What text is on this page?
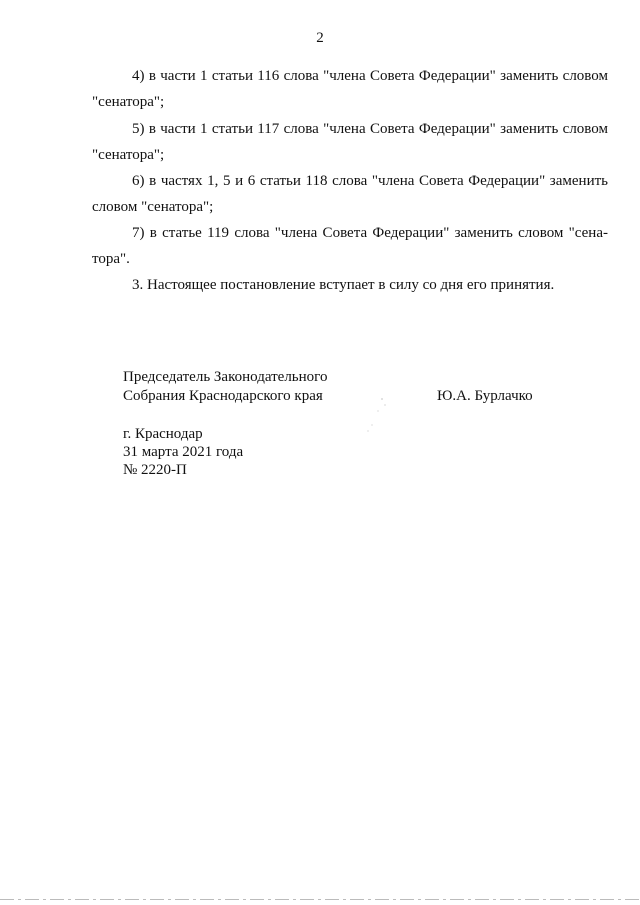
2
4) в части 1 статьи 116 слова "члена Совета Федерации" заменить словом
"сенатора";
5) в части 1 статьи 117 слова "члена Совета Федерации" заменить словом
"сенатора";
6) в частях 1, 5 и 6 статьи 118 слова "члена Совета Федерации" заменить
словом "сенатора";
7) в статье 119 слова "члена Совета Федерации" заменить словом "сена-
тора".
3. Настоящее постановление вступает в силу со дня его принятия.
Председатель Законодательного
Собрания Краснодарского края	Ю.А. Бурлачко
г. Краснодар
31 марта 2021 года
№ 2220-П
